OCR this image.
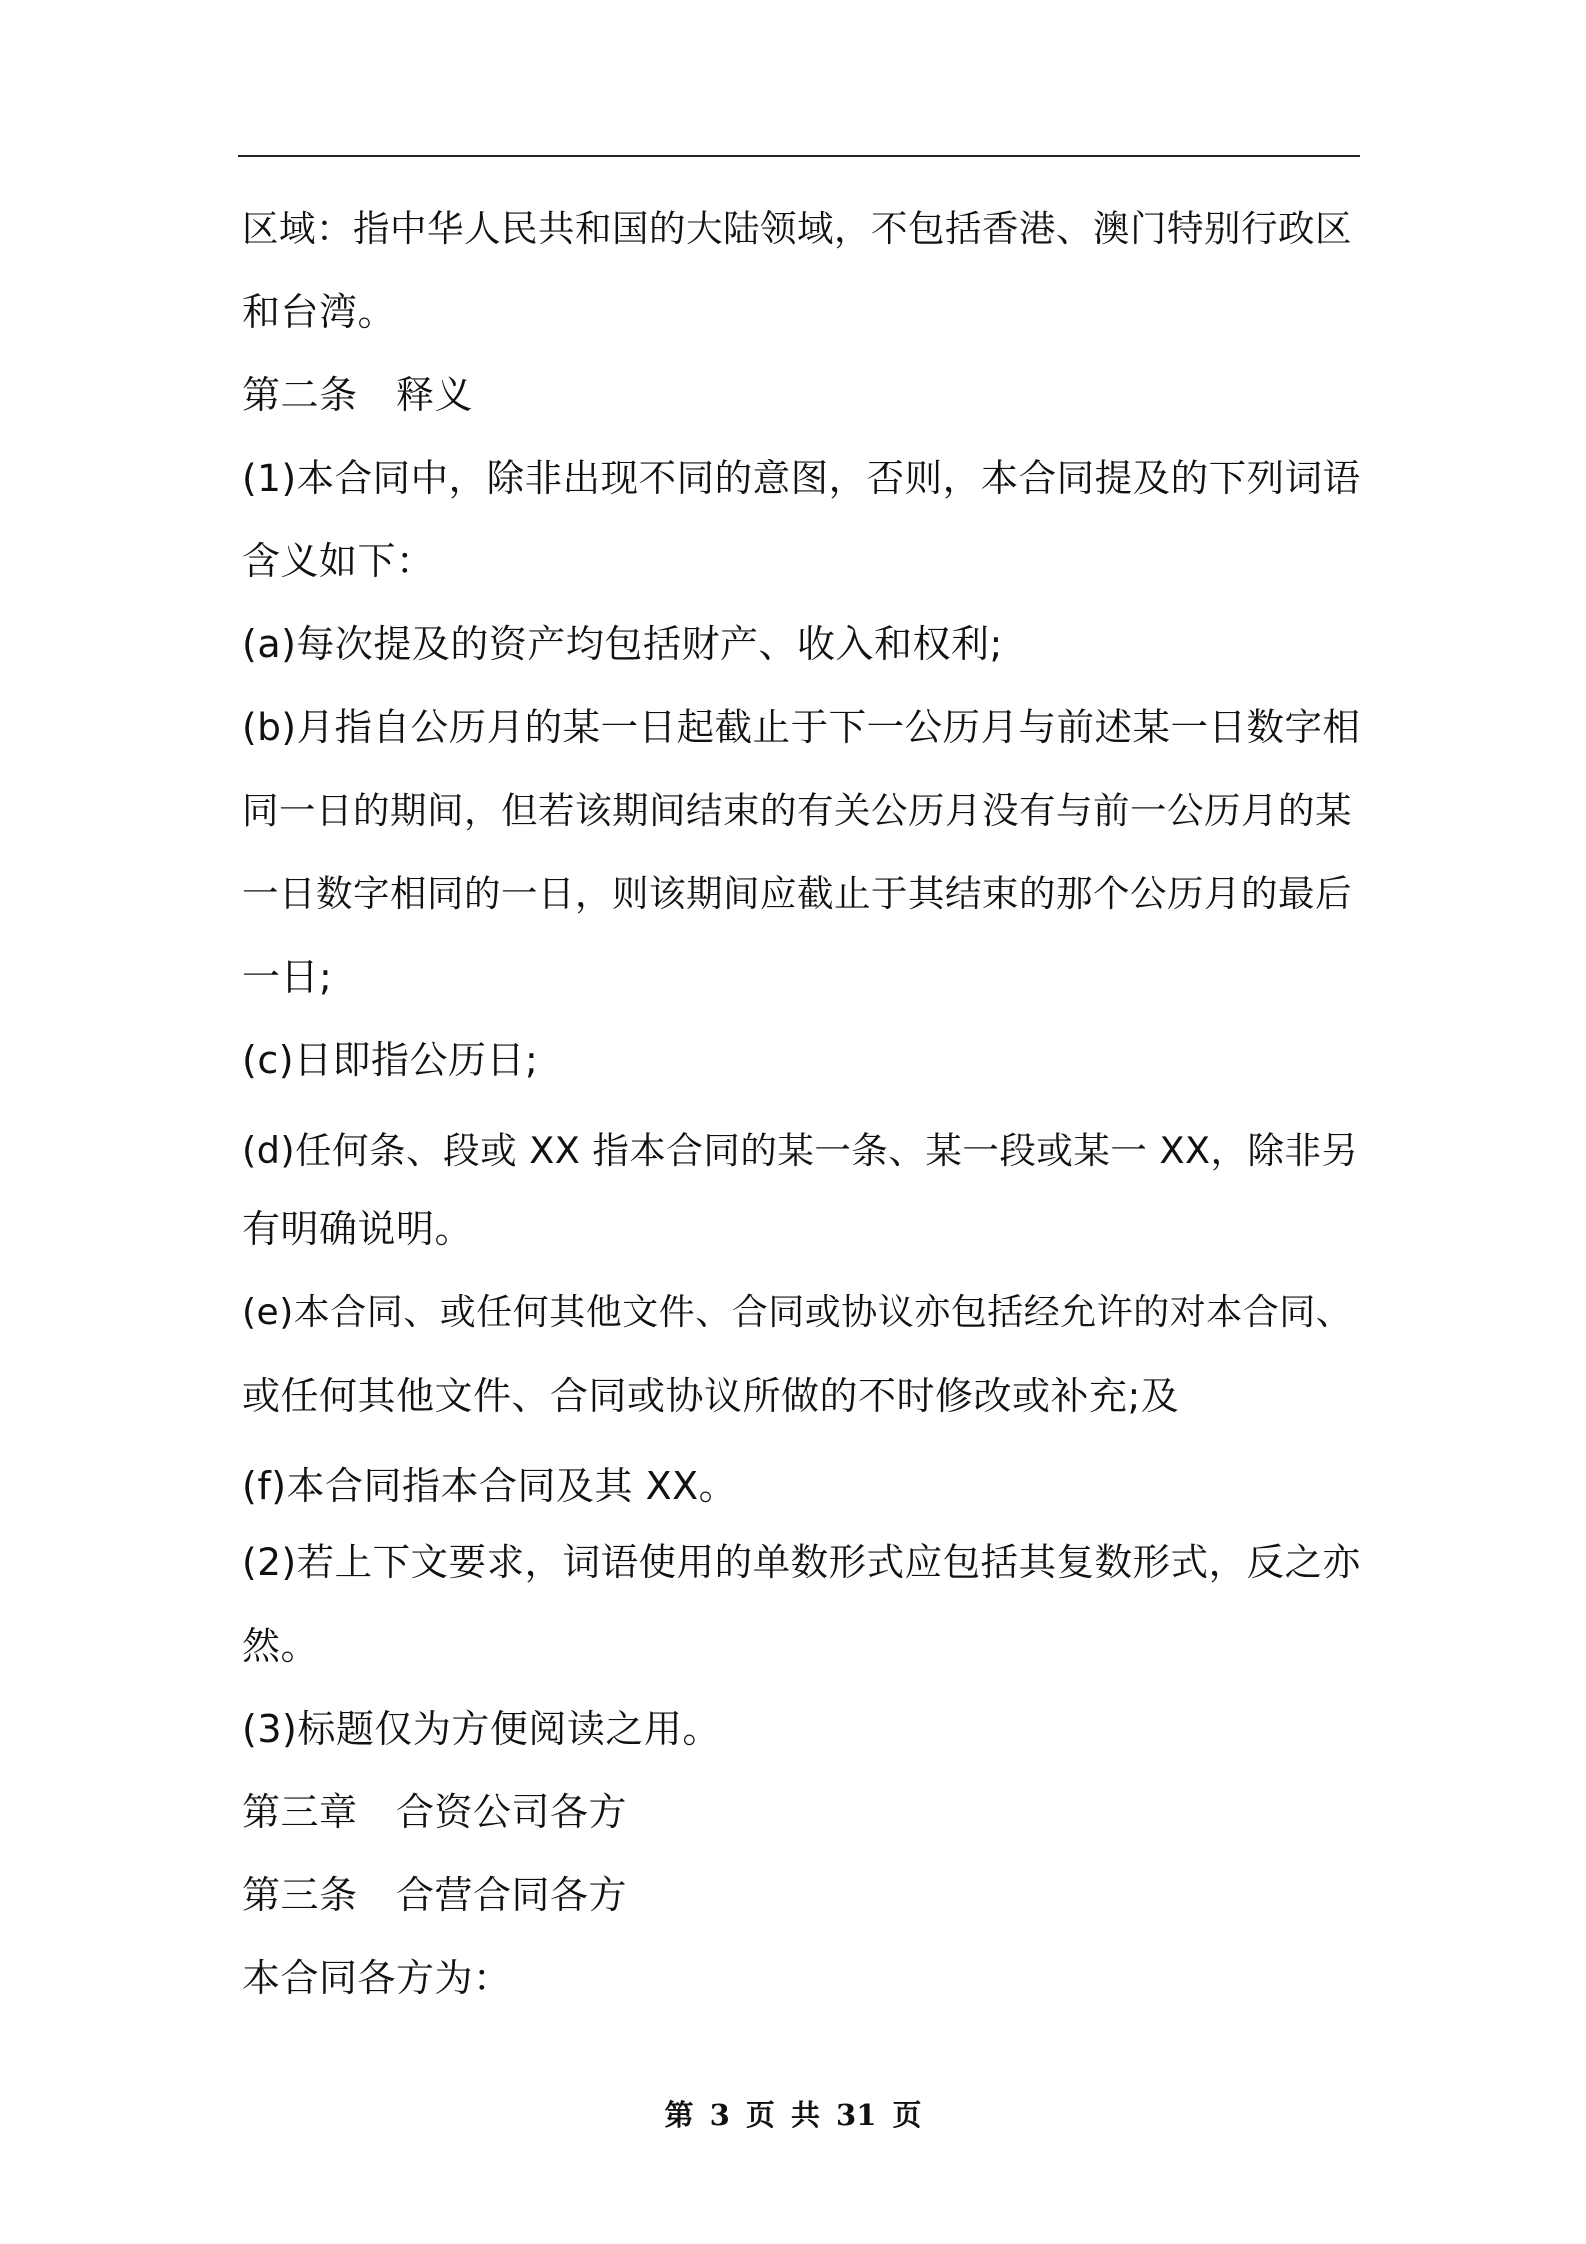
区域：指中华人民共和国的大陆领域，不包括香港、澳门特别行政区
和台湾。
第二条　释义
(1)本合同中，除非出现不同的意图，否则，本合同提及的下列词语
含义如下：
(a)每次提及的资产均包括财产、收入和权利;
(b)月指自公历月的某一日起截止于下一公历月与前述某一日数字相
同一日的期间，但若该期间结束的有关公历月没有与前一公历月的某
一日数字相同的一日，则该期间应截止于其结束的那个公历月的最后
一日;
(c)日即指公历日;
(d)任何条、段或 XX 指本合同的某一条、某一段或某一 XX，除非另
有明确说明。
(e)本合同、或任何其他文件、合同或协议亦包括经允许的对本合同、
或任何其他文件、合同或协议所做的不时修改或补充;及
(f)本合同指本合同及其 XX。
(2)若上下文要求，词语使用的单数形式应包括其复数形式，反之亦
然。
(3)标题仅为方便阅读之用。
第三章　合资公司各方
第三条　合营合同各方
本合同各方为：
第 3 页 共 31 页
